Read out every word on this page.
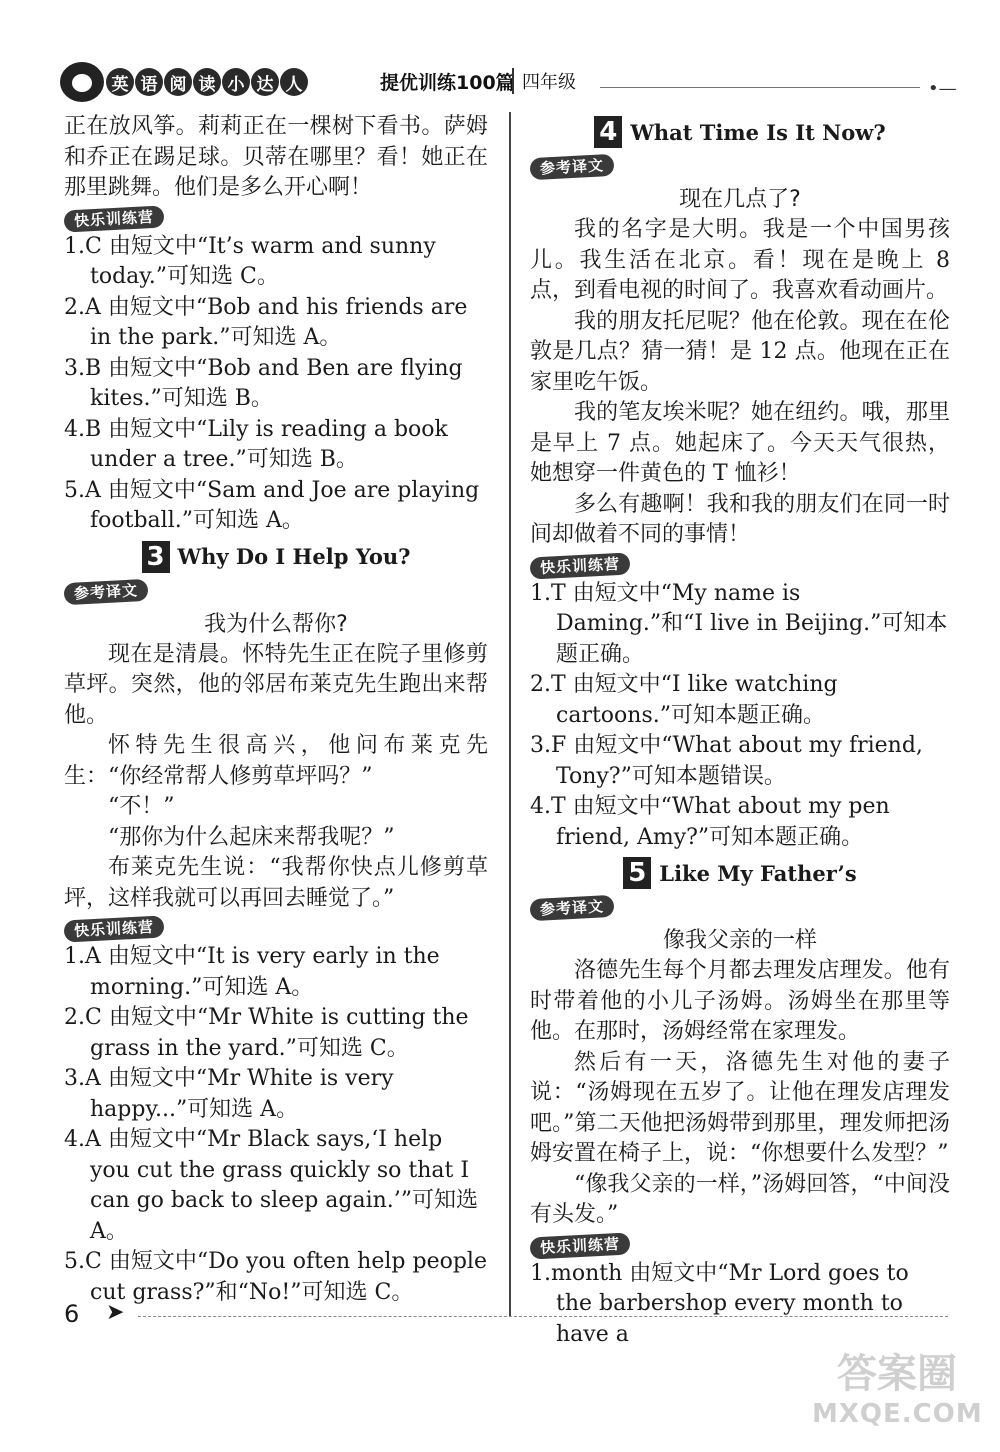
英 语 阅 读 小 达 人	提优训练100篇 四年级	•—

正在放风筝。莉莉正在一棵树下看书。萨姆和乔正在踢足球。贝蒂在哪里？看！她正在那里跳舞。他们是多么开心啊！

快乐训练营

1.C 由短文中“It’s warm and sunny today.”可知选 C。

2.A 由短文中“Bob and his friends are in the park.”可知选 A。

3.B 由短文中“Bob and Ben are flying kites.”可知选 B。

4.B 由短文中“Lily is reading a book under a tree.”可知选 B。

5.A 由短文中“Sam and Joe are playing football.”可知选 A。

3 Why Do I Help You?
参考译文
我为什么帮你?

现在是清晨。怀特先生正在院子里修剪草坪。突然，他的邻居布莱克先生跑出来帮他。

怀特先生很高兴，他问布莱克先生：“你经常帮人修剪草坪吗？”

“不！”

“那你为什么起床来帮我呢？”

布莱克先生说：“我帮你快点儿修剪草坪，这样我就可以再回去睡觉了。”

快乐训练营

1.A 由短文中“It is very early in the morning.”可知选 A。

2.C 由短文中“Mr White is cutting the grass in the yard.”可知选 C。

3.A 由短文中“Mr White is very happy...”可知选 A。

4.A 由短文中“Mr Black says,‘I help you cut the grass quickly so that I can go back to sleep again.’”可知选 A。

5.C 由短文中“Do you often help people cut grass?”和“No!”可知选 C。

4 What Time Is It Now?
参考译文
现在几点了?

我的名字是大明。我是一个中国男孩儿。我生活在北京。看！现在是晚上 8 点，到看电视的时间了。我喜欢看动画片。

我的朋友托尼呢？他在伦敦。现在在伦敦是几点？猜一猜！是 12 点。他现在正在家里吃午饭。

我的笔友埃米呢？她在纽约。哦，那里是早上 7 点。她起床了。今天天气很热，她想穿一件黄色的 T 恤衫！

多么有趣啊！我和我的朋友们在同一时间却做着不同的事情！

快乐训练营

1.T 由短文中“My name is Daming.”和“I live in Beijing.”可知本题正确。

2.T 由短文中“I like watching cartoons.”可知本题正确。

3.F 由短文中“What about my friend, Tony?”可知本题错误。

4.T 由短文中“What about my pen friend, Amy?”可知本题正确。

5 Like My Father’s
参考译文
像我父亲的一样

洛德先生每个月都去理发店理发。他有时带着他的小儿子汤姆。汤姆坐在那里等他。在那时，汤姆经常在家理发。

然后有一天，洛德先生对他的妻子说：“汤姆现在五岁了。让他在理发店理发吧。”第二天他把汤姆带到那里，理发师把汤姆安置在椅子上，说：“你想要什么发型？”

“像我父亲的一样，”汤姆回答，“中间没有头发。”

快乐训练营

1.month 由短文中“Mr Lord goes to the barbershop every month to have a

6 ➤
答案圈
MXQE.COM
